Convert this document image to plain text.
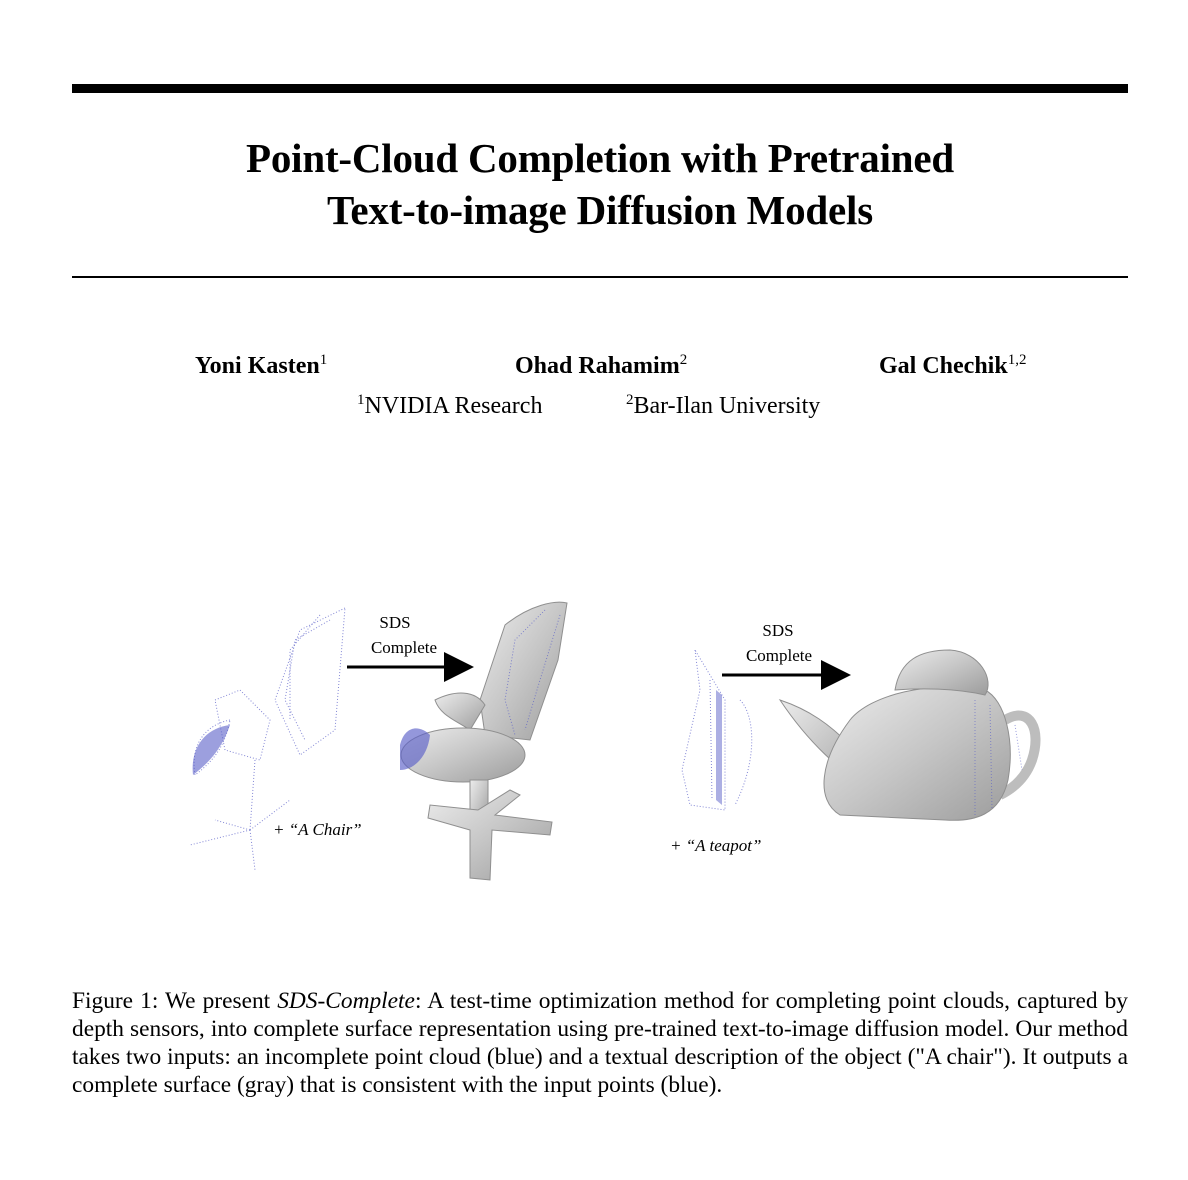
Point-Cloud Completion with Pretrained
Text-to-image Diffusion Models
Yoni Kasten$^1$	Ohad Rahamim$^2$	Gal Chechik$^{1,2}$
$^1$NVIDIA Research	$^2$Bar-Ilan University
SDS
Complete
+ “A Chair”
SDS
Complete
+ “A teapot”
Figure 1: We present SDS-Complete: A test-time optimization method for completing point clouds, captured by depth sensors, into complete surface representation using pre-trained text-to-image diffusion model. Our method takes two inputs: an incomplete point cloud (blue) and a textual description of the object ("A chair"). It outputs a complete surface (gray) that is consistent with the input points (blue).
